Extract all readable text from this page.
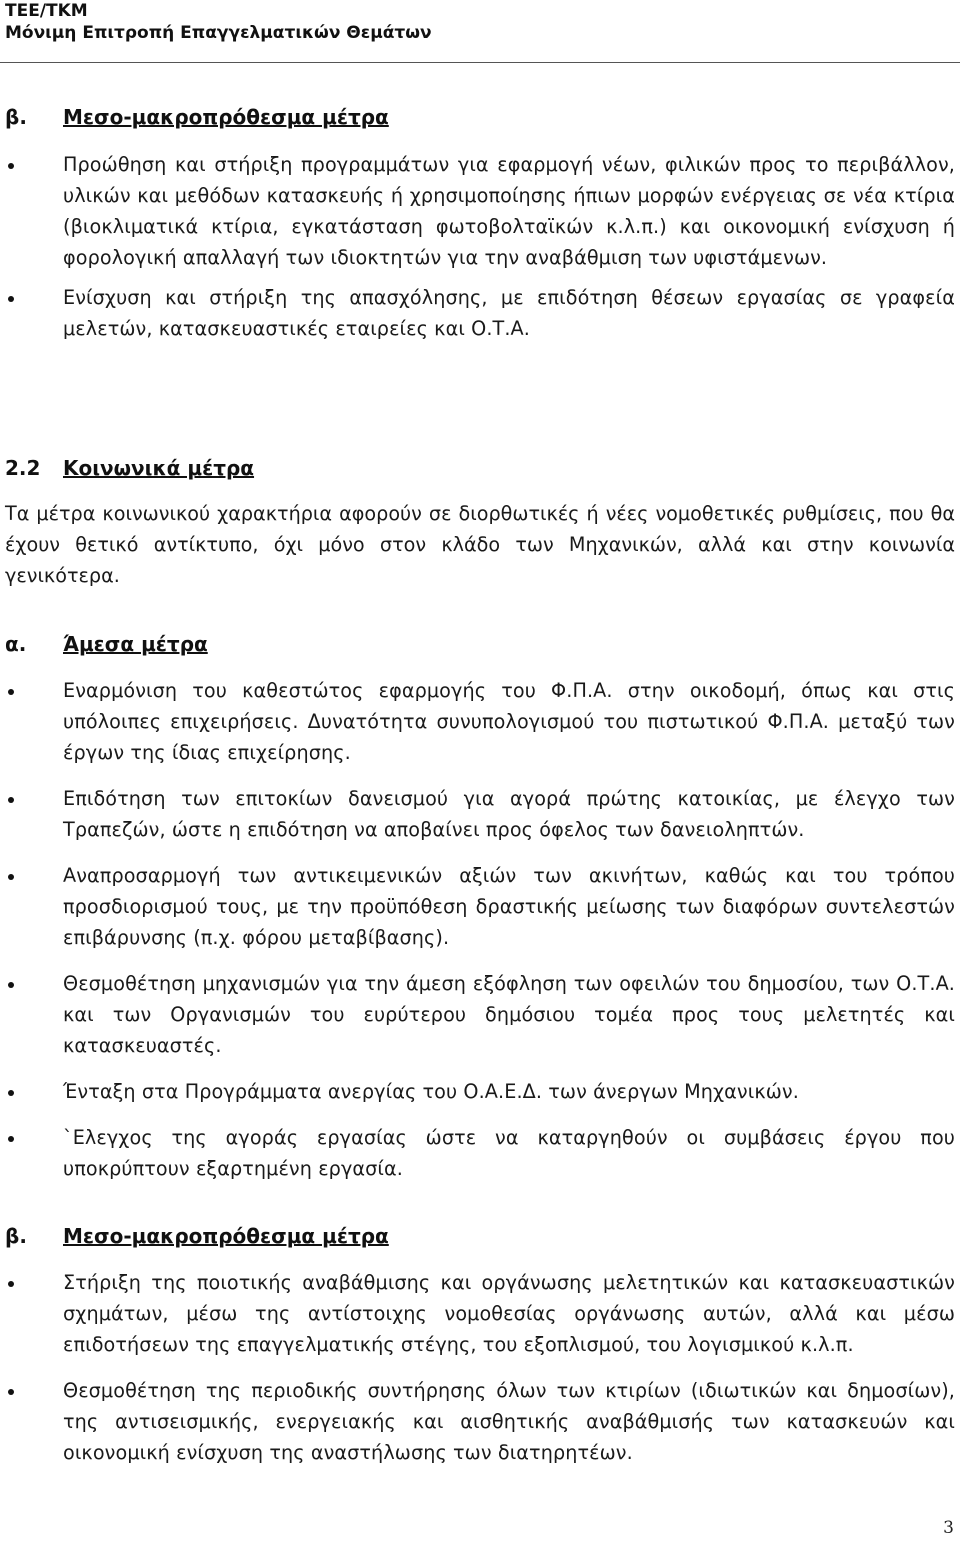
ΤΕΕ/ΤΚΜ
Μόνιμη Επιτροπή Επαγγελματικών Θεμάτων
β.	Μεσο-μακροπρόθεσμα μέτρα
Προώθηση και στήριξη προγραμμάτων για εφαρμογή νέων, φιλικών προς το περιβάλλον, υλικών και μεθόδων κατασκευής ή χρησιμοποίησης ήπιων μορφών ενέργειας σε νέα κτίρια (βιοκλιματικά κτίρια, εγκατάσταση φωτοβολταϊκών κ.λ.π.) και οικονομική ενίσχυση ή φορολογική απαλλαγή των ιδιοκτητών για την αναβάθμιση των υφιστάμενων.
Ενίσχυση και στήριξη της απασχόλησης, με επιδότηση θέσεων εργασίας σε γραφεία μελετών, κατασκευαστικές εταιρείες και Ο.Τ.Α.
2.2	Κοινωνικά μέτρα
Τα μέτρα κοινωνικού χαρακτήρια αφορούν σε διορθωτικές ή νέες νομοθετικές ρυθμίσεις, που θα έχουν θετικό αντίκτυπο, όχι μόνο στον κλάδο των Μηχανικών, αλλά και στην κοινωνία γενικότερα.
α.	Άμεσα μέτρα
Εναρμόνιση του καθεστώτος εφαρμογής του Φ.Π.Α. στην οικοδομή, όπως και στις υπόλοιπες επιχειρήσεις. Δυνατότητα συνυπολογισμού του πιστωτικού Φ.Π.Α. μεταξύ των έργων της ίδιας επιχείρησης.
Επιδότηση των επιτοκίων δανεισμού για αγορά πρώτης κατοικίας, με έλεγχο των Τραπεζών, ώστε η επιδότηση να αποβαίνει προς όφελος των δανειοληπτών.
Αναπροσαρμογή των αντικειμενικών αξιών των ακινήτων, καθώς και του τρόπου προσδιορισμού τους, με την προϋπόθεση δραστικής μείωσης των διαφόρων συντελεστών επιβάρυνσης (π.χ. φόρου μεταβίβασης).
Θεσμοθέτηση μηχανισμών για την άμεση εξόφληση των οφειλών του δημοσίου, των Ο.Τ.Α. και των Οργανισμών του ευρύτερου δημόσιου τομέα προς τους μελετητές και κατασκευαστές.
Ένταξη στα Προγράμματα ανεργίας του Ο.Α.Ε.Δ. των άνεργων Μηχανικών.
`Ελεγχος της αγοράς εργασίας ώστε να καταργηθούν οι συμβάσεις έργου που υποκρύπτουν εξαρτημένη εργασία.
β.	Μεσο-μακροπρόθεσμα μέτρα
Στήριξη της ποιοτικής αναβάθμισης και οργάνωσης μελετητικών και κατασκευαστικών σχημάτων, μέσω της αντίστοιχης νομοθεσίας οργάνωσης αυτών, αλλά και μέσω επιδοτήσεων της επαγγελματικής στέγης, του εξοπλισμού, του λογισμικού κ.λ.π.
Θεσμοθέτηση της περιοδικής συντήρησης όλων των κτιρίων (ιδιωτικών και δημοσίων), της αντισεισμικής, ενεργειακής και αισθητικής αναβάθμισής των κατασκευών και οικονομική ενίσχυση της αναστήλωσης των διατηρητέων.
3
